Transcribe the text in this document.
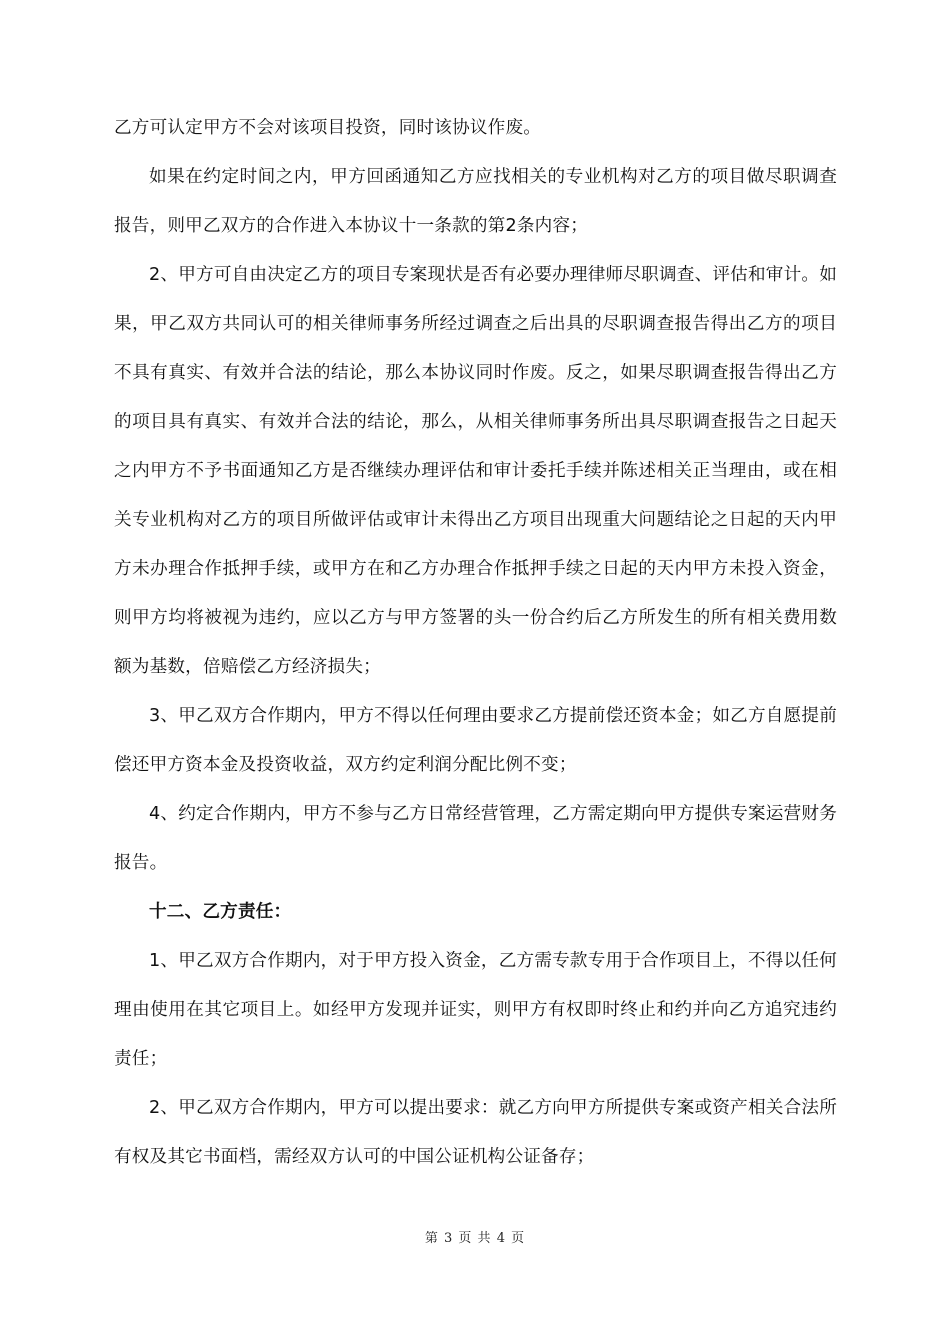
乙方可认定甲方不会对该项目投资，同时该协议作废。

如果在约定时间之内，甲方回函通知乙方应找相关的专业机构对乙方的项目做尽职调查报告，则甲乙双方的合作进入本协议十一条款的第2条内容；

2、甲方可自由决定乙方的项目专案现状是否有必要办理律师尽职调查、评估和审计。如果，甲乙双方共同认可的相关律师事务所经过调查之后出具的尽职调查报告得出乙方的项目不具有真实、有效并合法的结论，那么本协议同时作废。反之，如果尽职调查报告得出乙方的项目具有真实、有效并合法的结论，那么，从相关律师事务所出具尽职调查报告之日起天之内甲方不予书面通知乙方是否继续办理评估和审计委托手续并陈述相关正当理由，或在相关专业机构对乙方的项目所做评估或审计未得出乙方项目出现重大问题结论之日起的天内甲方未办理合作抵押手续，或甲方在和乙方办理合作抵押手续之日起的天内甲方未投入资金，则甲方均将被视为违约，应以乙方与甲方签署的头一份合约后乙方所发生的所有相关费用数额为基数，倍赔偿乙方经济损失；

3、甲乙双方合作期内，甲方不得以任何理由要求乙方提前偿还资本金；如乙方自愿提前偿还甲方资本金及投资收益，双方约定利润分配比例不变；

4、约定合作期内，甲方不参与乙方日常经营管理，乙方需定期向甲方提供专案运营财务报告。

十二、乙方责任：

1、甲乙双方合作期内，对于甲方投入资金，乙方需专款专用于合作项目上，不得以任何理由使用在其它项目上。如经甲方发现并证实，则甲方有权即时终止和约并向乙方追究违约责任；

2、甲乙双方合作期内，甲方可以提出要求：就乙方向甲方所提供专案或资产相关合法所有权及其它书面档，需经双方认可的中国公证机构公证备存；

第 3 页 共 4 页
